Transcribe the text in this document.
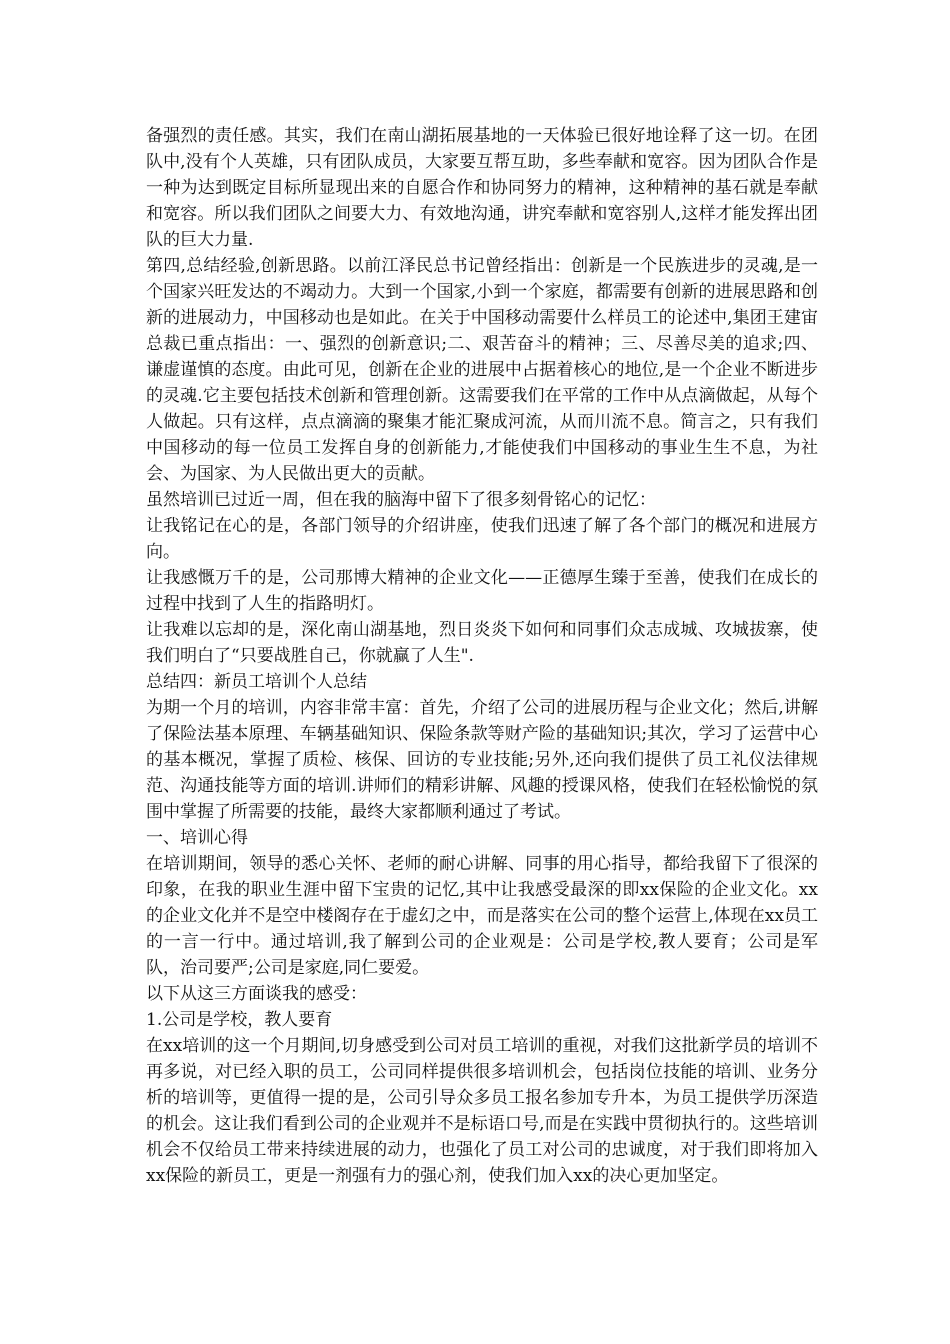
备强烈的责任感。其实，我们在南山湖拓展基地的一天体验已很好地诠释了这一切。在团队中,没有个人英雄，只有团队成员，大家要互帮互助，多些奉献和宽容。因为团队合作是一种为达到既定目标所显现出来的自愿合作和协同努力的精神，这种精神的基石就是奉献和宽容。所以我们团队之间要大力、有效地沟通，讲究奉献和宽容别人,这样才能发挥出团队的巨大力量.

第四,总结经验,创新思路。以前江泽民总书记曾经指出：创新是一个民族进步的灵魂,是一个国家兴旺发达的不竭动力。大到一个国家,小到一个家庭，都需要有创新的进展思路和创新的进展动力，中国移动也是如此。在关于中国移动需要什么样员工的论述中,集团王建宙总裁已重点指出：一、强烈的创新意识;二、艰苦奋斗的精神；三、尽善尽美的追求;四、谦虚谨慎的态度。由此可见，创新在企业的进展中占据着核心的地位,是一个企业不断进步的灵魂.它主要包括技术创新和管理创新。这需要我们在平常的工作中从点滴做起，从每个人做起。只有这样，点点滴滴的聚集才能汇聚成河流，从而川流不息。简言之，只有我们中国移动的每一位员工发挥自身的创新能力,才能使我们中国移动的事业生生不息，为社会、为国家、为人民做出更大的贡献。

虽然培训已过近一周，但在我的脑海中留下了很多刻骨铭心的记忆：

让我铭记在心的是，各部门领导的介绍讲座，使我们迅速了解了各个部门的概况和进展方向。

让我感慨万千的是，公司那博大精神的企业文化——正德厚生臻于至善，使我们在成长的过程中找到了人生的指路明灯。

让我难以忘却的是，深化南山湖基地，烈日炎炎下如何和同事们众志成城、攻城拔寨，使我们明白了“只要战胜自己，你就赢了人生".

总结四：新员工培训个人总结

为期一个月的培训，内容非常丰富：首先，介绍了公司的进展历程与企业文化；然后,讲解了保险法基本原理、车辆基础知识、保险条款等财产险的基础知识;其次，学习了运营中心的基本概况，掌握了质检、核保、回访的专业技能;另外,还向我们提供了员工礼仪法律规范、沟通技能等方面的培训.讲师们的精彩讲解、风趣的授课风格，使我们在轻松愉悦的氛围中掌握了所需要的技能，最终大家都顺利通过了考试。

一、培训心得

在培训期间，领导的悉心关怀、老师的耐心讲解、同事的用心指导，都给我留下了很深的印象，在我的职业生涯中留下宝贵的记忆,其中让我感受最深的即xx保险的企业文化。xx的企业文化并不是空中楼阁存在于虚幻之中，而是落实在公司的整个运营上,体现在xx员工的一言一行中。通过培训,我了解到公司的企业观是：公司是学校,教人要育；公司是军队，治司要严;公司是家庭,同仁要爱。

以下从这三方面谈我的感受：

1.公司是学校，教人要育

在xx培训的这一个月期间,切身感受到公司对员工培训的重视，对我们这批新学员的培训不再多说，对已经入职的员工，公司同样提供很多培训机会，包括岗位技能的培训、业务分析的培训等，更值得一提的是，公司引导众多员工报名参加专升本，为员工提供学历深造的机会。这让我们看到公司的企业观并不是标语口号,而是在实践中贯彻执行的。这些培训机会不仅给员工带来持续进展的动力，也强化了员工对公司的忠诚度，对于我们即将加入xx保险的新员工，更是一剂强有力的强心剂，使我们加入xx的决心更加坚定。
